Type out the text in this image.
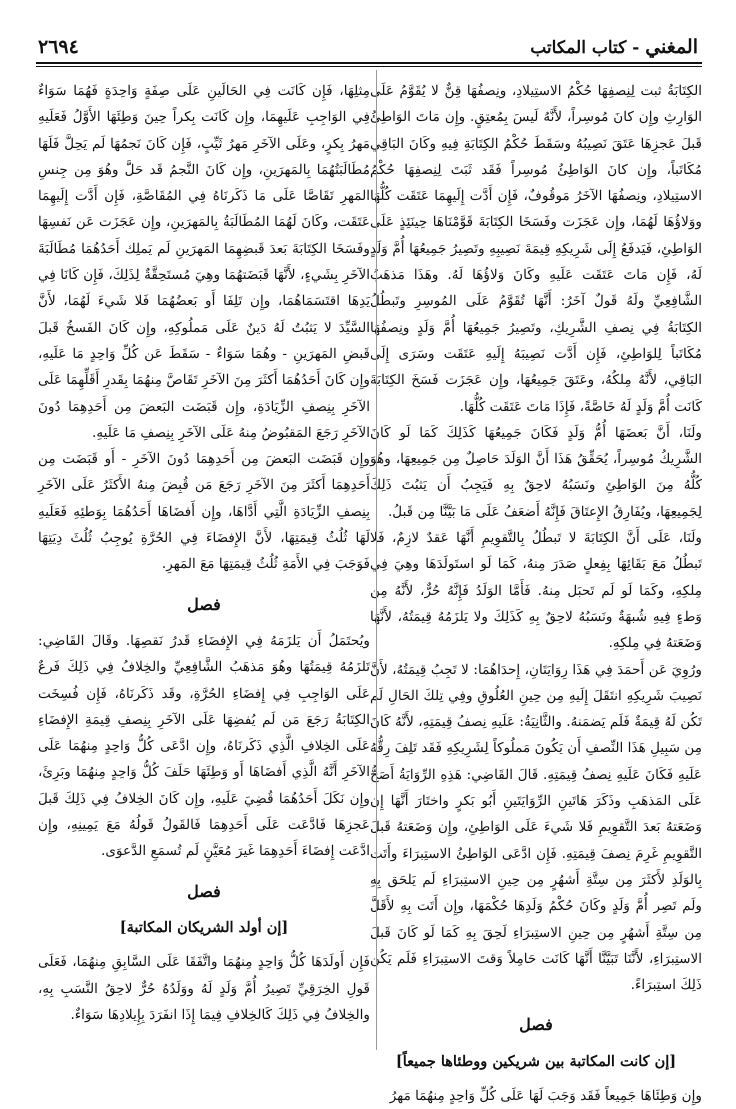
٢٦٩٤	المغني - كتاب المكاتب

الكِتَابَةُ ثبت لِنِصفِهَا حُكْمُ الاستِيلادِ، ونِصفُهَا قِنٌّ لا يُقَوَّمُ عَلَى الوَارِثِ وإِن كانَ مُوسِراً، لأَنَّهُ لَيسَ بِمُعتِقٍ. وإِن مَاتَ الوَاطِئُ قَبلَ عَجزِهَا عَتَقَ نَصِيبُهُ وسَقَطَ حُكْمُ الكِتَابَةِ فِيهِ وكَانَ البَاقِي مُكَاتَباً، وإِن كانَ الوَاطِئُ مُوسِراً فَقَد ثَبَتَ لِنِصفِهَا حُكْمُ الاستِيلادِ، ونِصفُهَا الآخَرُ مَوقُوفٌ، فَإِن أَدَّت إِلَيهِمَا عَتَقَت كُلُّهَا ووَلاؤُهَا لَهُمَا، وإِن عَجَزَت وفَسَخَا الكِتَابَةَ قَوَّمْنَاهَا حِينَئِذٍ عَلَى الوَاطِئِ، فَيَدفَعُ إِلَى شَرِيكِهِ قِيمَةَ نَصِيبِهِ وتَصِيرُ جَمِيعُهَا أُمَّ وَلَدٍ لَهُ، فَإِن مَاتَ عَتَقَت عَلَيهِ وكَانَ وَلاؤُهَا لَهُ. وهَذَا مَذهَبُ الشَّافِعِيِّ ولَهُ قَولٌ آخَرُ: أَنَّهَا تُقَوَّمُ عَلَى المُوسِرِ وتَبطُلُ الكِتَابَةُ فِي نِصفِ الشَّرِيكِ، وتَصِيرُ جَمِيعُهَا أُمَّ وَلَدٍ ونِصفُهَا مُكَاتَباً لِلوَاطِئِ، فَإِن أَدَّت نَصِيبَهُ إِلَيهِ عَتَقَت وسَرَى إِلَى البَاقِي، لأَنَّهُ مِلكُهُ، وعَتَقَ جَمِيعُهَا، وإِن عَجَزَت فَسَخَ الكِتَابَةَ كَانَت أُمَّ وَلَدٍ لَهُ خَاصَّةً، فَإِذَا مَاتَ عَتَقَت كُلُّهَا.

ولَنَا، أَنَّ بَعضَهَا أُمُّ وَلَدٍ فَكَانَ جَمِيعُهَا كَذَلِكَ كَمَا لَو كَانَ الشَّرِيكُ مُوسِراً، يُحَقِّقُ هَذَا أَنَّ الوَلَدَ حَاصِلٌ مِن جَمِيعِهَا، وهُوَ كُلُّهُ مِنَ الوَاطِئِ ونَسَبُهُ لاحِقٌ بِهِ فَيَجِبُ أَن يَثبُتَ ذَلِكَ لِجَمِيعِهَا، ويُفَارِقُ الإِعتَاقَ فَإِنَّهُ أَضعَفُ عَلَى مَا بَيَّنَّا مِن قَبلُ.

ولَنَا، عَلَى أَنَّ الكِتَابَةَ لا تَبطُلُ بِالتَّقوِيمِ أَنَّهَا عَقدٌ لازِمٌ، فَلا تَبطُلُ مَعَ بَقَائِهَا بِفِعلٍ صَدَرَ مِنهُ، كَمَا لَو استَولَدَهَا وهِيَ فِي مِلكِهِ، وكَمَا لَو لَم تَحبَل مِنهُ. فَأَمَّا الوَلَدُ فَإِنَّهُ حُرٌّ، لأَنَّهُ مِن وَطءٍ فِيهِ شُبهَةٌ ونَسَبُهُ لاحِقٌ بِهِ كَذَلِكَ ولا يَلزَمُهُ قِيمَتُهُ، لأَنَّهَا وَضَعَتهُ فِي مِلكِهِ.

ورُوِيَ عَن أَحمَدَ فِي هَذَا رِوَايَتَانِ، إِحدَاهُمَا: لا تَجِبُ قِيمَتُهُ، لأَنَّ نَصِيبَ شَرِيكِهِ انتَقَلَ إِلَيهِ مِن حِينِ العُلُوقِ وفِي تِلكَ الحَالِ لَم تَكُن لَهُ قِيمَةٌ فَلَم يَضمَنهُ. والثَّانِيَةُ: عَلَيهِ نِصفُ قِيمَتِهِ، لأَنَّهُ كَانَ مِن سَبِيلِ هَذَا النِّصفِ أَن يَكُونَ مَملُوكاً لِشَرِيكِهِ فَقَد تَلِفَ رِقُّهُ عَلَيهِ فَكَانَ عَلَيهِ نِصفُ قِيمَتِهِ. قَالَ القَاضِي: هَذِهِ الرِّوَايَةُ أَصَحُّ عَلَى المَذهَبِ وذَكَرَ هَاتَينِ الرِّوَايَتَينِ أَبُو بَكرٍ واختَارَ أَنَّهَا إِن وَضَعَتهُ بَعدَ التَّقوِيمِ فَلا شَيءَ عَلَى الوَاطِئِ، وإِن وَضَعَتهُ قَبلَ التَّقوِيمِ غَرِمَ نِصفَ قِيمَتِهِ. فَإِن ادَّعَى الوَاطِئُ الاستِبرَاءَ وأَتَت بِالوَلَدِ لأَكثَرَ مِن سِتَّةِ أَشهُرٍ مِن حِينِ الاستِبرَاءِ لَم يَلحَق بِهِ ولَم تَصِر أُمَّ وَلَدٍ وكَانَ حُكْمُ وَلَدِهَا حُكْمَهَا، وإِن أَتَت بِهِ لأَقَلَّ مِن سِتَّةِ أَشهُرٍ مِن حِينِ الاستِبرَاءِ لَحِقَ بِهِ كَمَا لَو كَانَ قَبلَ الاستِبرَاءِ، لأَنَّنَا تَبَيَّنَّا أَنَّهَا كَانَت حَامِلاً وَقتَ الاستِبرَاءِ فَلَم يَكُن ذَلِكَ استِبرَاءً.

فصل
[إن كانت المكاتبة بين شريكين ووطئاها جميعاً]

وإِن وَطِئَاهَا جَمِيعاً فَقَد وَجَبَ لَهَا عَلَى كُلِّ وَاحِدٍ مِنهُمَا مَهرُ

مِثلِهَا، فَإِن كَانَت فِي الحَالَينِ عَلَى صِفَةٍ وَاحِدَةٍ فَهُمَا سَوَاءٌ فِي الوَاجِبِ عَلَيهِمَا، وإِن كَانَت بِكراً حِينَ وَطِئَهَا الأَوَّلُ فَعَلَيهِ مَهرُ بِكرٍ، وعَلَى الآخَرِ مَهرُ ثَيِّبٍ، فَإِن كَانَ نَجمُهَا لَم يَحِلَّ فَلَهَا مُطَالَبَتُهُمَا بِالمَهرَينِ، وإِن كَانَ النَّجمُ قَد حَلَّ وهُوَ مِن جِنسِ المَهرِ تَقَاصَّا عَلَى مَا ذَكَرنَاهُ فِي المُقَاصَّةِ، فَإِن أَدَّت إِلَيهِمَا عَتَقَت، وكَانَ لَهُمَا المُطَالَبَةُ بِالمَهرَينِ، وإِن عَجَزَت عَن نَفسِهَا وفَسَخَا الكِتَابَةَ بَعدَ قَبضِهِمَا المَهرَينِ لَم يَملِك أَحَدُهُمَا مُطَالَبَةَ الآخَرِ بِشَيءٍ، لأَنَّهَا قَبَضَتهُمَا وهِيَ مُستَحِقَّةٌ لِذَلِكَ، فَإِن كَانَا فِي يَدِهَا اقتَسَمَاهُمَا، وإِن تَلِفَا أَو بَعضُهُمَا فَلا شَيءَ لَهُمَا، لأَنَّ السَّيِّدَ لا يَثبُتُ لَهُ دَينٌ عَلَى مَملُوكِهِ، وإِن كَانَ الفَسخُ قَبلَ قَبضِ المَهرَينِ - وهُمَا سَوَاءٌ - سَقَطَ عَن كُلِّ وَاحِدٍ مَا عَلَيهِ، وإِن كَانَ أَحَدُهُمَا أَكثَرَ مِنَ الآخَرِ تَقَاصَّ مِنهُمَا بِقَدرِ أَقَلِّهِمَا عَلَى الآخَرِ بِنِصفِ الزِّيَادَةِ، وإِن قَبَضَت البَعضَ مِن أَحَدِهِمَا دُونَ الآخَرِ رَجَعَ المَقبُوضُ مِنهُ عَلَى الآخَرِ بِنِصفِ مَا عَلَيهِ.

وإِن قَبَضَت البَعضَ مِن أَحَدِهِمَا دُونَ الآخَرِ - أَو قَبَضَت مِن أَحَدِهِمَا أَكثَرَ مِنَ الآخَرِ رَجَعَ مَن قُبِضَ مِنهُ الأَكثَرُ عَلَى الآخَرِ بِنِصفِ الزِّيَادَةِ الَّتِي أَدَّاهَا، وإِن أَفضَاهَا أَحَدُهُمَا بِوَطئِهِ فَعَلَيهِ لَهَا ثُلُثُ قِيمَتِهَا، لأَنَّ الإِفضَاءَ فِي الحُرَّةِ يُوجِبُ ثُلُثَ دِيَتِهَا فَوَجَبَ فِي الأَمَةِ ثُلُثُ قِيمَتِهَا مَعَ المَهرِ.

فصل

ويُحتَمَلُ أَن يَلزَمَهُ فِي الإِفضَاءِ قَدرُ نَقصِهَا. وقَالَ القَاضِي: تَلزَمُهُ قِيمَتُهَا وهُوَ مَذهَبُ الشَّافِعِيِّ والخِلافُ فِي ذَلِكَ فَرعٌ عَلَى الوَاجِبِ فِي إِفضَاءِ الحُرَّةِ، وقَد ذَكَرنَاهُ، فَإِن فُسِخَت الكِتَابَةُ رَجَعَ مَن لَم يُفضِهَا عَلَى الآخَرِ بِنِصفِ قِيمَةِ الإِفضَاءِ عَلَى الخِلافِ الَّذِي ذَكَرنَاهُ، وإِن ادَّعَى كُلُّ وَاحِدٍ مِنهُمَا عَلَى الآخَرِ أَنَّهُ الَّذِي أَفضَاهَا أَو وَطِئَهَا حَلَفَ كُلُّ وَاحِدٍ مِنهُمَا وبَرِئَ، وإِن نَكَلَ أَحَدُهُمَا قُضِيَ عَلَيهِ، وإِن كَانَ الخِلافُ فِي ذَلِكَ قَبلَ عَجزِهَا فَادَّعَت عَلَى أَحَدِهِمَا فَالقَولُ قَولُهُ مَعَ يَمِينِهِ، وإِن ادَّعَت إِفضَاءَ أَحَدِهِمَا غَيرَ مُعَيَّنٍ لَم تُسمَعِ الدَّعوَى.

فصل
[إن أولد الشريكان المكاتبة]

فَإِن أَولَدَهَا كُلُّ وَاحِدٍ مِنهُمَا واتَّفَقَا عَلَى السَّابِقِ مِنهُمَا، فَعَلَى قَولِ الخِرَقِيِّ تَصِيرُ أُمَّ وَلَدٍ لَهُ ووَلَدُهُ حُرٌّ لاحِقُ النَّسَبِ بِهِ، والخِلافُ فِي ذَلِكَ كَالخِلافِ فِيمَا إِذَا انفَرَدَ بِإِيلادِهَا سَوَاءٌ.
